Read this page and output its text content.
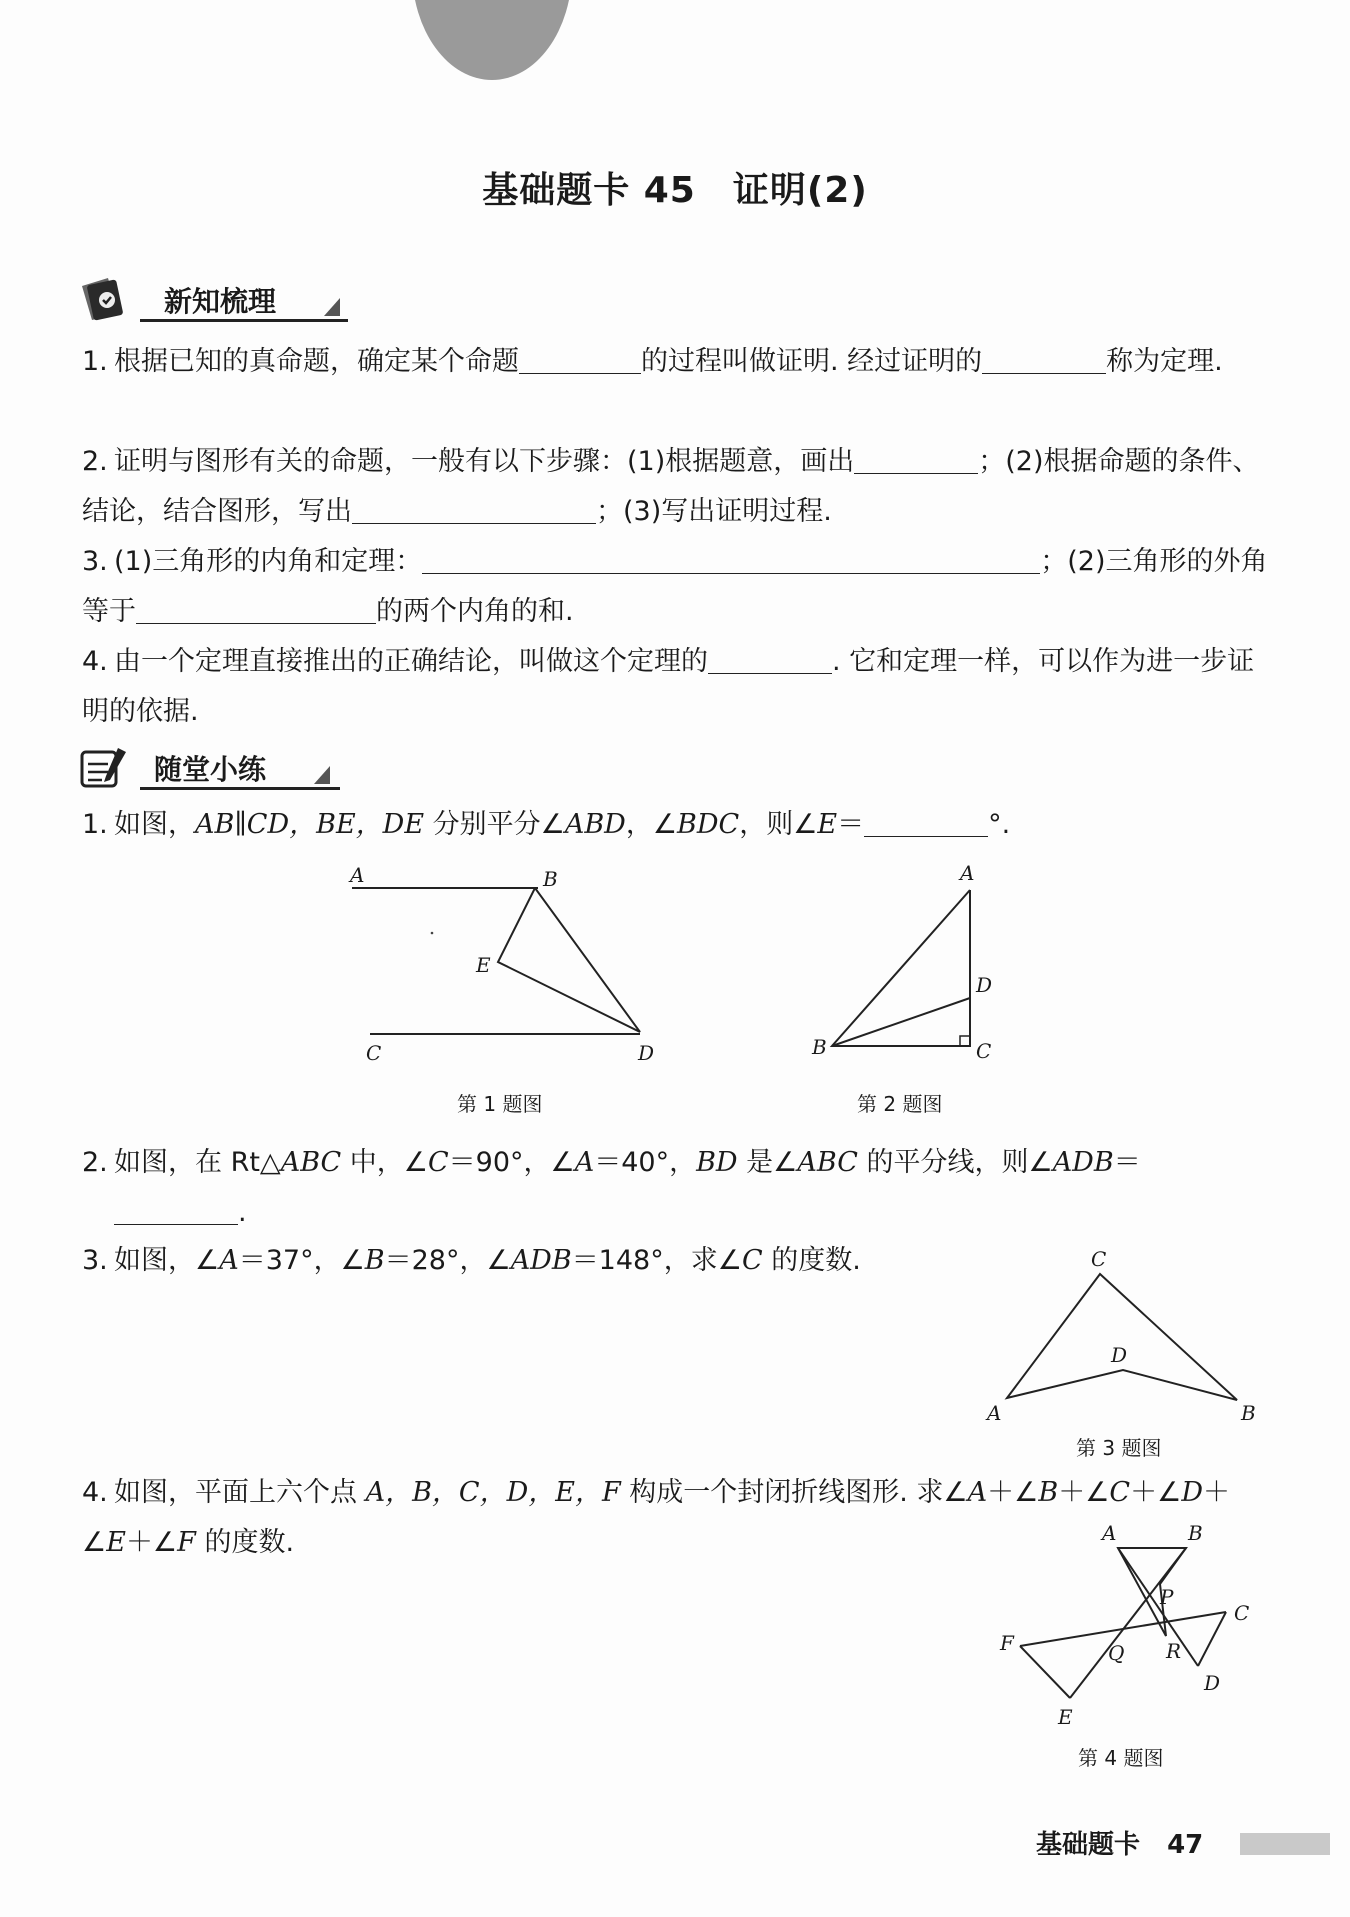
基础题卡 45　证明(2)
新知梳理
1. 根据已知的真命题，确定某个命题	的过程叫做证明. 经过证明的	称为定理.
2. 证明与图形有关的命题，一般有以下步骤：(1)根据题意，画出	；(2)根据命题的条件、结论，结合图形，写出	；(3)写出证明过程.
3. (1)三角形的内角和定理：	；(2)三角形的外角等于	的两个内角的和.
4. 由一个定理直接推出的正确结论，叫做这个定理的	. 它和定理一样，可以作为进一步证明的依据.
随堂小练
1. 如图，AB∥CD，BE，DE 分别平分∠ABD，∠BDC，则∠E＝	°.
A	B
E
C	D
第 1 题图
A
D
B	C
第 2 题图
2. 如图，在 Rt△ABC 中，∠C＝90°，∠A＝40°，BD 是∠ABC 的平分线，则∠ADB＝
.
3. 如图，∠A＝37°，∠B＝28°，∠ADB＝148°，求∠C 的度数.	C
D
A	B
第 3 题图
4. 如图，平面上六个点 A，B，C，D，E，F 构成一个封闭折线图形. 求∠A＋∠B＋∠C＋∠D＋∠E＋∠F 的度数.	A	B
P
C
F	Q R
D
E
第 4 题图
基础题卡 47
